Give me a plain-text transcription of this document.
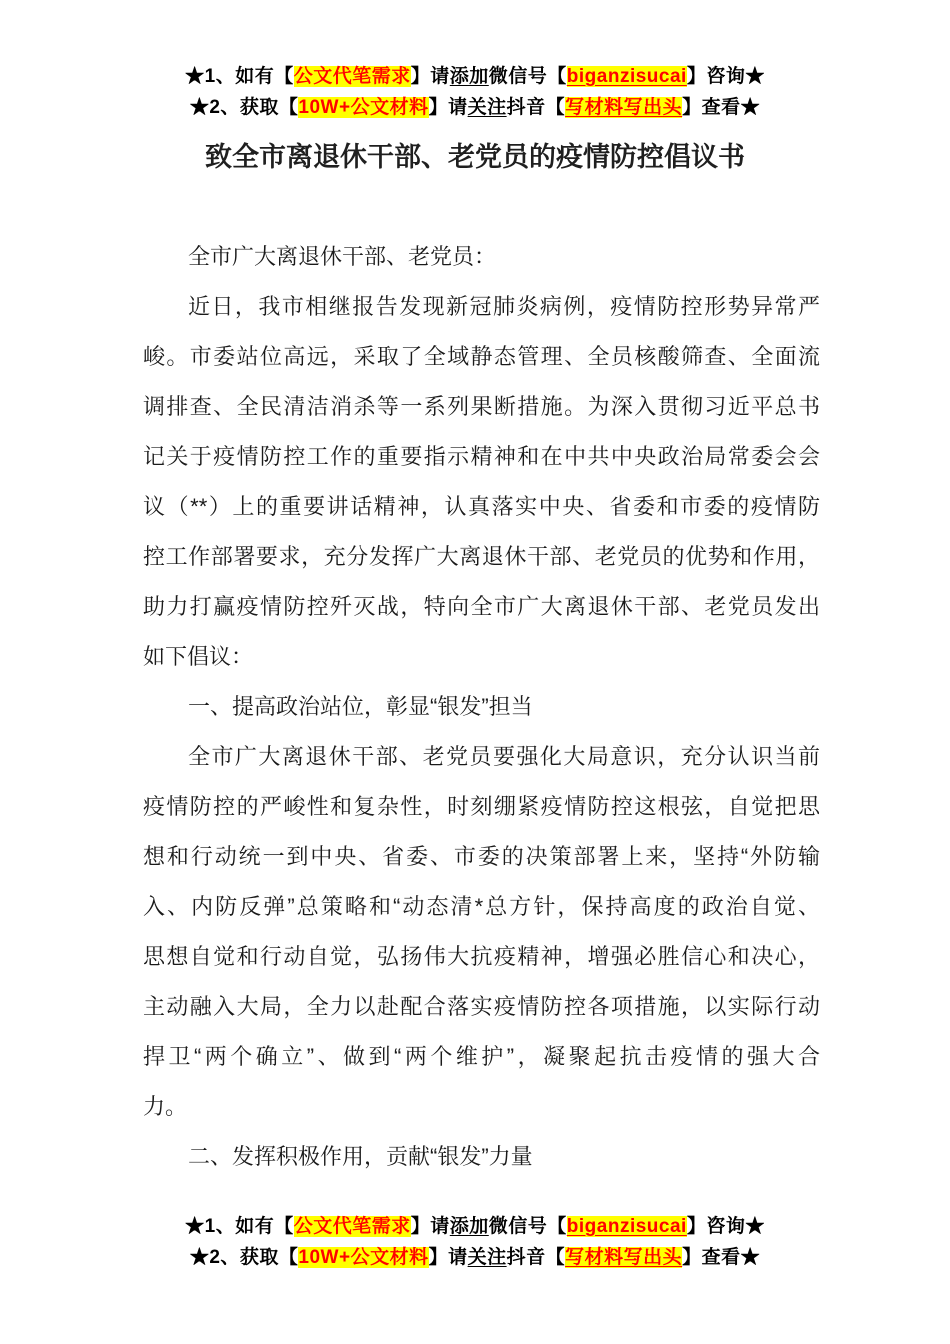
★1、如有【公文代笔需求】请添加微信号【biganzisucai】咨询★
★2、获取【10W+公文材料】请关注抖音【写材料写出头】查看★
致全市离退休干部、老党员的疫情防控倡议书
全市广大离退休干部、老党员：
近日，我市相继报告发现新冠肺炎病例，疫情防控形势异常严
峻。市委站位高远，采取了全域静态管理、全员核酸筛查、全面流
调排查、全民清洁消杀等一系列果断措施。为深入贯彻习近平总书
记关于疫情防控工作的重要指示精神和在中共中央政治局常委会会
议（**）上的重要讲话精神，认真落实中央、省委和市委的疫情防
控工作部署要求，充分发挥广大离退休干部、老党员的优势和作用，
助力打赢疫情防控歼灭战，特向全市广大离退休干部、老党员发出
如下倡议：
一、提高政治站位，彰显“银发”担当
全市广大离退休干部、老党员要强化大局意识，充分认识当前
疫情防控的严峻性和复杂性，时刻绷紧疫情防控这根弦，自觉把思
想和行动统一到中央、省委、市委的决策部署上来，坚持“外防输
入、内防反弹”总策略和“动态清*总方针，保持高度的政治自觉、
思想自觉和行动自觉，弘扬伟大抗疫精神，增强必胜信心和决心，
主动融入大局，全力以赴配合落实疫情防控各项措施，以实际行动
捍卫“两个确立”、做到“两个维护”，凝聚起抗击疫情的强大合
力。
二、发挥积极作用，贡献“银发”力量
★1、如有【公文代笔需求】请添加微信号【biganzisucai】咨询★
★2、获取【10W+公文材料】请关注抖音【写材料写出头】查看★
